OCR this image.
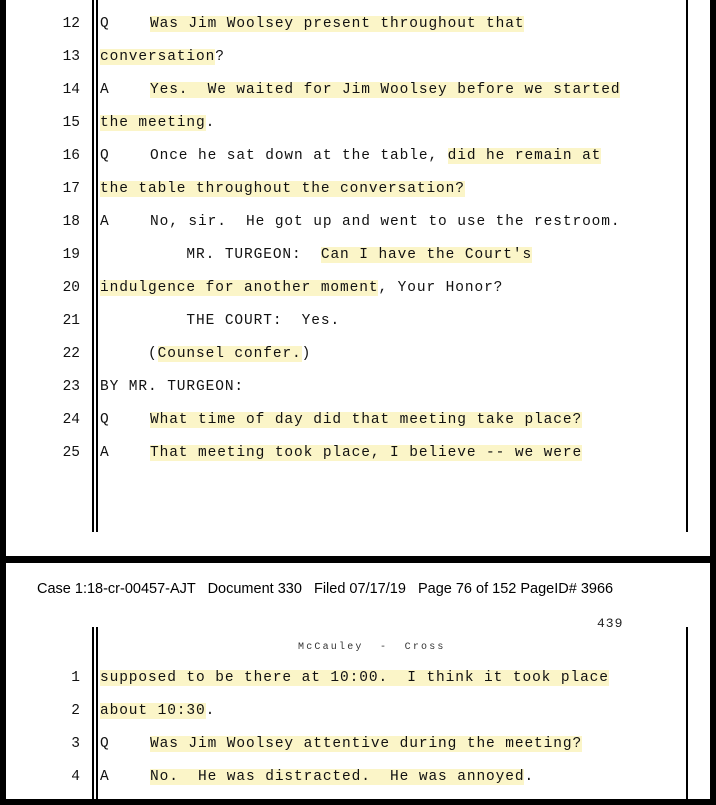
12 Q	Was Jim Woolsey present throughout that
13 conversation?
14 A	Yes.  We waited for Jim Woolsey before we started
15 the meeting.
16 Q	Once he sat down at the table, did he remain at
17 the table throughout the conversation?
18 A	No, sir.  He got up and went to use the restroom.
19	MR. TURGEON:  Can I have the Court's
20 indulgence for another moment, Your Honor?
21	THE COURT:  Yes.
22	(Counsel confer.)
23 BY MR. TURGEON:
24 Q	What time of day did that meeting take place?
25 A	That meeting took place, I believe -- we were
Case 1:18-cr-00457-AJT   Document 330   Filed 07/17/19   Page 76 of 152 PageID# 3966
439
McCauley  -  Cross
1 supposed to be there at 10:00.  I think it took place
2 about 10:30.
3 Q	Was Jim Woolsey attentive during the meeting?
4 A	No.  He was distracted.  He was annoyed.
